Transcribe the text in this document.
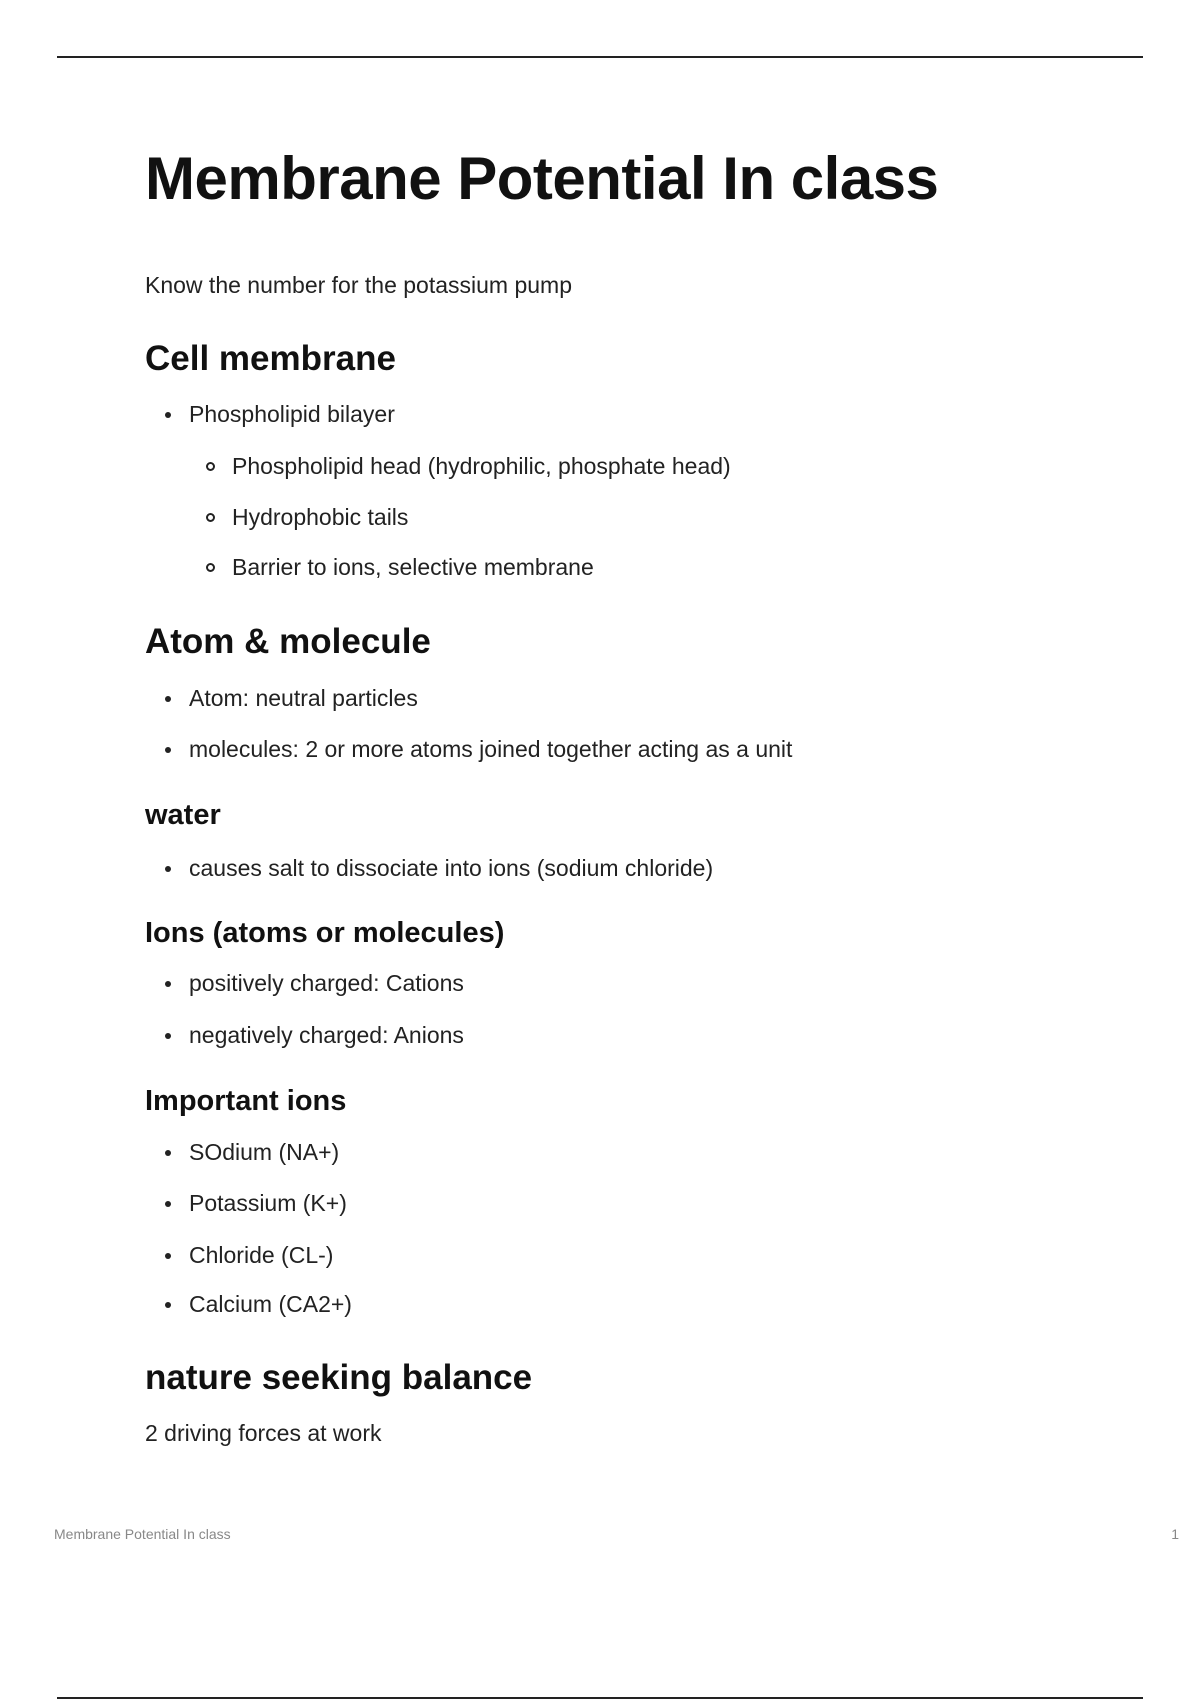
Membrane Potential In class

Know the number for the potassium pump

Cell membrane
Phospholipid bilayer
Phospholipid head (hydrophilic, phosphate head)
Hydrophobic tails
Barrier to ions, selective membrane
Atom & molecule
Atom: neutral particles
molecules: 2 or more atoms joined together acting as a unit
water
causes salt to dissociate into ions (sodium chloride)
Ions (atoms or molecules)
positively charged: Cations
negatively charged: Anions
Important ions
SOdium (NA+)
Potassium (K+)
Chloride (CL-)
Calcium (CA2+)
nature seeking balance

2 driving forces at work

Membrane Potential In class	1
